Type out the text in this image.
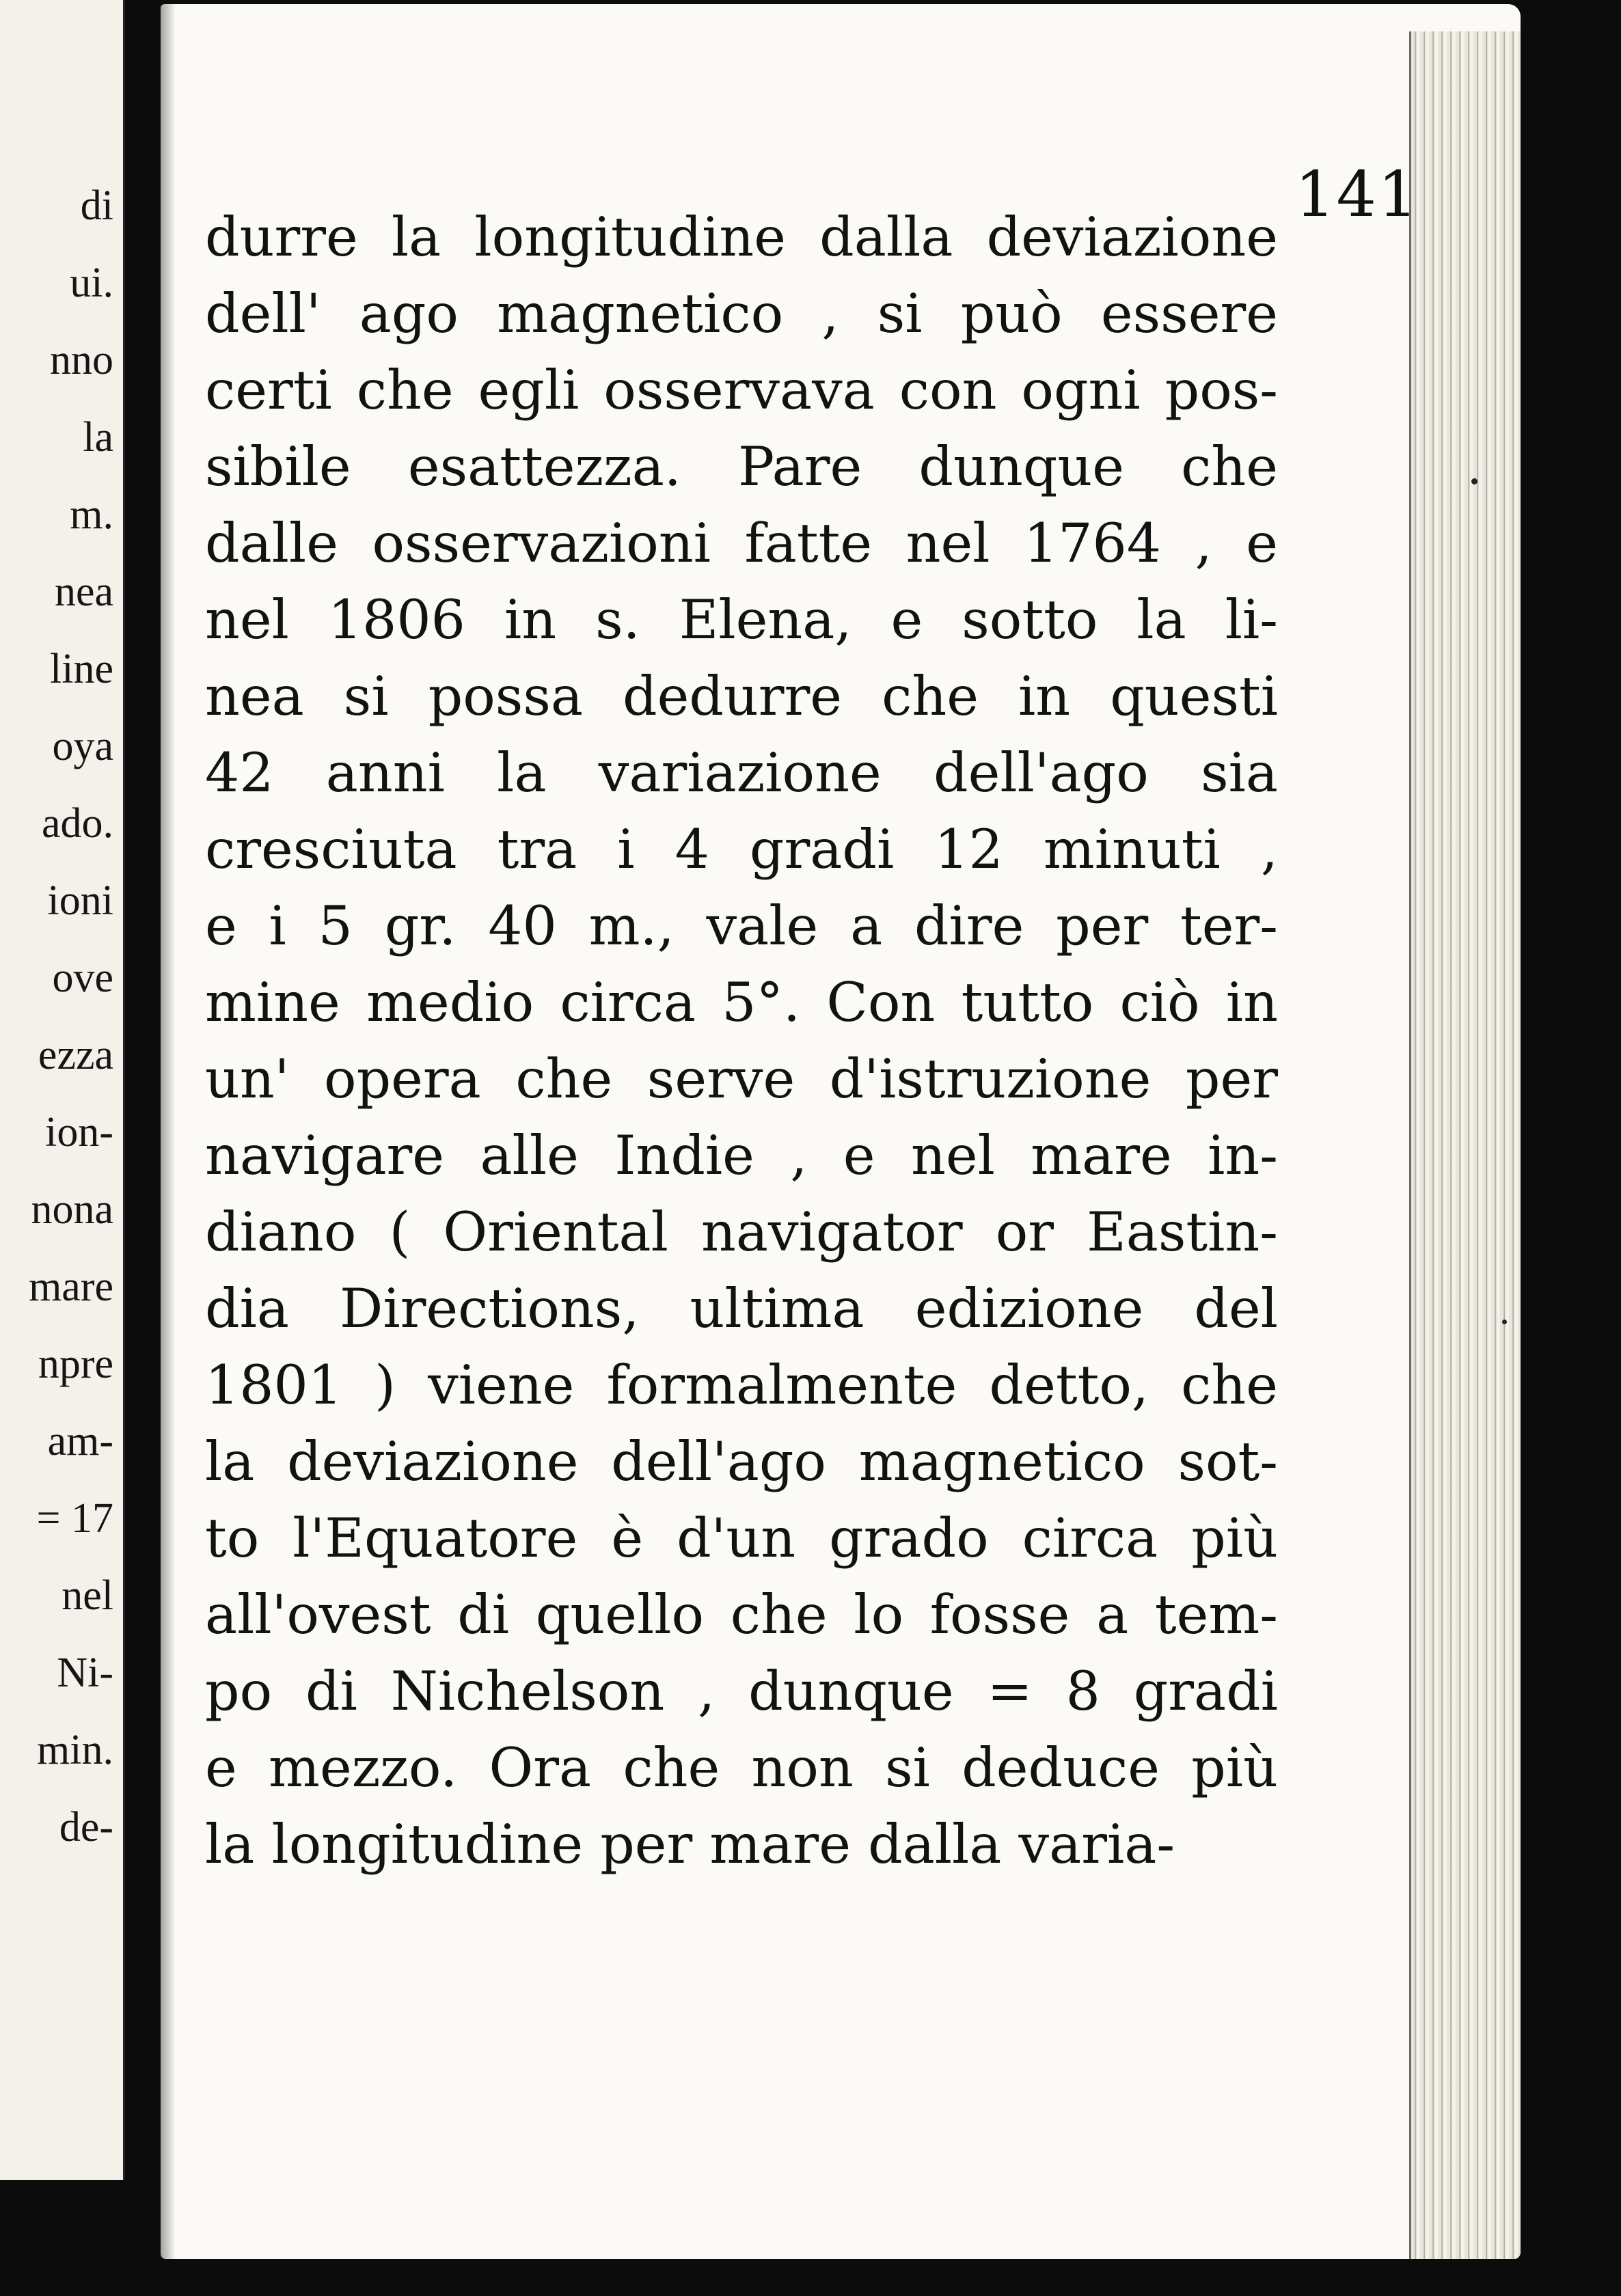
di
ui.
nno
la
m.
nea
line
oya
ado.
ioni
ove
ezza
ion-
nona
mare
npre
am-
= 17
nel
Ni-
min.
de-
141
durre la longitudine dalla deviazione
dell' ago magnetico , si può essere
certi che egli osservava con ogni pos-
sibile esattezza. Pare dunque che
dalle osservazioni fatte nel 1764 , e
nel 1806 in s. Elena, e sotto la li-
nea si possa dedurre che in questi
42 anni la variazione dell'ago sia
cresciuta tra i 4 gradi 12 minuti ,
e i 5 gr. 40 m., vale a dire per ter-
mine medio circa 5°. Con tutto ciò in
un' opera che serve d'istruzione per
navigare alle Indie , e nel mare in-
diano ( Oriental navigator or Eastin-
dia Directions, ultima edizione del
1801 ) viene formalmente detto, che
la deviazione dell'ago magnetico sot-
to l'Equatore è d'un grado circa più
all'ovest di quello che lo fosse a tem-
po di Nichelson , dunque = 8 gradi
e mezzo. Ora che non si deduce più
la longitudine per mare dalla varia-
